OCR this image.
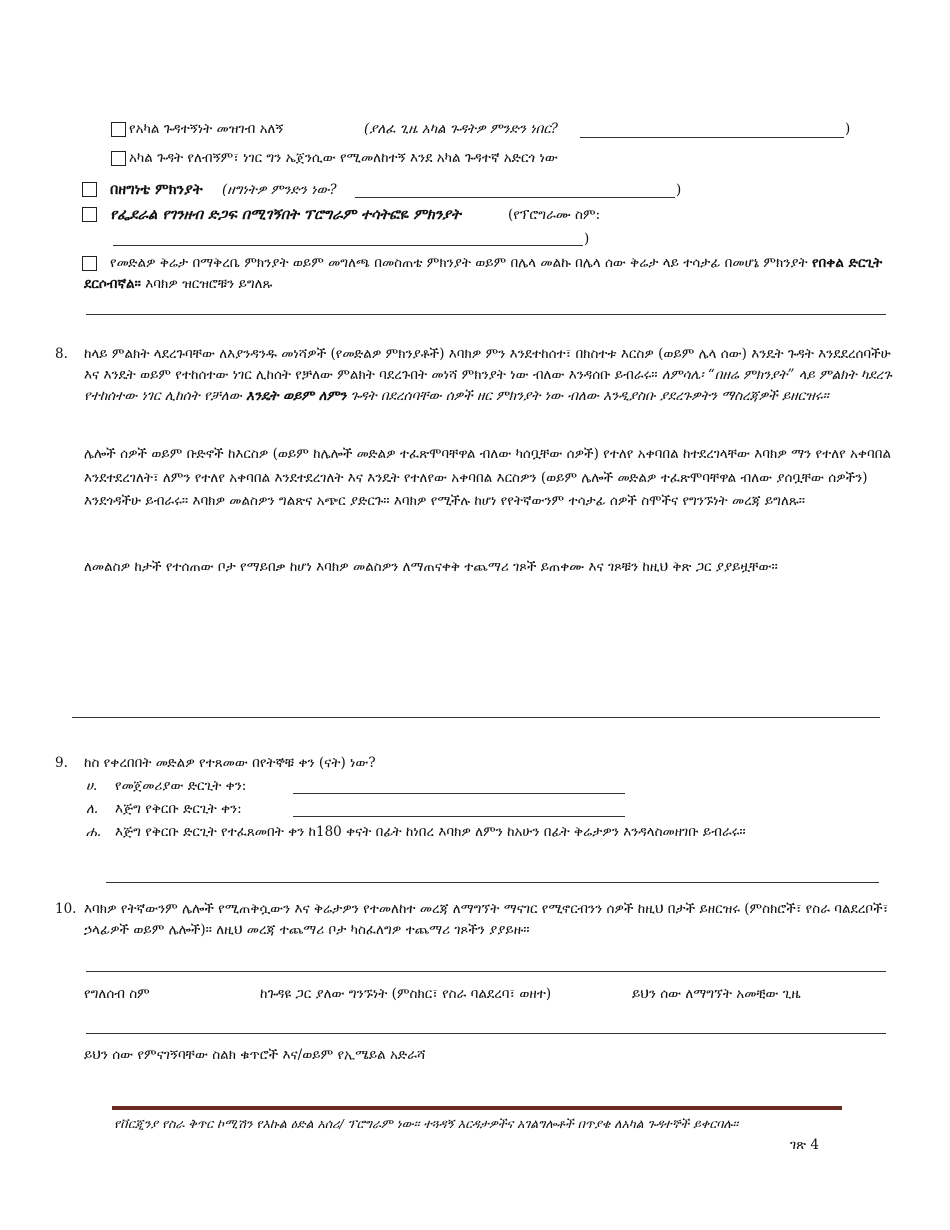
የአካል ጉዳተኝነት መዝገብ አለኝ	(ያለፈ ጊዜ አካል ጉዳትዎ ምንድን ነበር?	)
አካል ጉዳት የለብኝም፣ ነገር ግን ኤጀንሲው የሚመለከተኝ እንደ አካል ጉዳተኛ አድርጎ ነው
በዘግነቴ ምክንያት (ዘግነትዎ ምንድን ነው?	)
የፌደራል የገንዘብ ድጋፍ በሚገኝበት ፕሮግራም ተሳትፎዬ ምክንያት	(የፕሮግራሙ ስም:
)
የመድልዎ ቅሬታ በማቅረቤ ምክንያት ወይም መግለጫ በመስጠቴ ምክንያት ወይም በሌላ መልኩ በሌላ ሰው ቅሬታ ላይ ተሳታፊ በመሆኔ ምክንያት የበቀል ድርጊት ደርሶብኛል። እባክዎ ዝርዝሮቹን ይግለጹ
8. ከላይ ምልክት ላደረጉባቸው ለእያንዳንዱ መነሻዎች (የመድልዎ ምክንያቶች) እባክዎ ምን እንደተከሰተ፣ በክስተቱ እርስዎ (ወይም ሌላ ሰው) እንዴት ጉዳት እንደደረሰባችሁ እና እንዴት ወይም የተከሰተው ነገር ሊከሰት የቻለው ምልክት ባደረጉበት መነሻ ምክንያት ነው ብለው እንዳሰቡ ይብራሩ። ለምሳሌ፡ “በዘሬ ምክንያት” ላይ ምልክት ካደረጉ የተከሰተው ነገር ሊከሰት የቻለው እንዴት ወይም ለምን ጉዳት በደረሰባቸው ሰዎች ዘር ምክንያት ነው ብለው እንዲያስቡ ያደረጉዎትን ማስረጃዎች ይዘርዝሩ።
ሌሎች ሰዎች ወይም ቡድኖች ከእርስዎ (ወይም ከሌሎች መድልዎ ተፈጽሞባቸዋል ብለው ካሰቧቸው ሰዎች) የተለየ አቀባበል ከተደረገላቸው እባክዎ ማን የተለየ አቀባበል እንደተደረገለት፣ ለምን የተለየ አቀባበል እንደተደረገለት እና እንዴት የተለየው አቀባበል እርስዎን (ወይም ሌሎች መድልዎ ተፈጽሞባቸዋል ብለው ያሰቧቸው ሰዎችን) እንደጎዳችሁ ይብራሩ። እባክዎ መልስዎን ግልጽና አጭር ያድርጉ። እባክዎ የሚችሉ ከሆነ የየትኛውንም ተሳታፊ ሰዎች ስሞችና የግንኙነት መረጃ ይግለጹ።
ለመልስዎ ከታች የተሰጠው ቦታ የማይበቃ ከሆነ እባክዎ መልስዎን ለማጠናቀቅ ተጨማሪ ገጾች ይጠቀሙ እና ገጾቹን ከዚህ ቅጽ ጋር ያያይዟቸው።
9. ከስ የቀረበበት መድልዎ የተጸመው በየትኞቹ ቀን (ናት) ነው?
ሀ. የመጀመሪያው ድርጊት ቀን:
ለ. እጅግ የቅርቡ ድርጊት ቀን:
ሐ. እጅግ የቅርቡ ድርጊት የተፈጸመበት ቀን ከ180 ቀናት በፊት ከነበረ እባክዎ ለምን ከአሁን በፊት ቅሬታዎን እንዳላስመዘገቡ ይብራሩ።
10. እባክዎ የትኛውንም ሌሎች የሚጠቅሷውን እና ቅሬታዎን የተመለከተ መረጃ ለማግኘት ማናገር የሚኖርብንን ሰዎች ከዚህ በታች ይዘርዝሩ (ምስክሮች፣ የስራ ባልደረቦች፣ ኃላፊዎች ወይም ሌሎች)። ለዚህ መረጃ ተጨማሪ ቦታ ካስፈለግዎ ተጨማሪ ገጾችን ያያይዙ።
የግለሰብ ስም	ከጉዳዩ ጋር ያለው ግንኙነት (ምስክር፣ የስራ ባልደረባ፣ ወዘተ)	ይህን ሰው ለማግኘት አመቺው ጊዜ
ይህን ሰው የምናገኝባቸው ስልክ ቁጥሮች እና/ወይም የኢሜይል አድራሻ
የቨርጂንያ የስራ ቅጥር ኮሚሽን የእኩል ዕድል አሰሪ/ ፕሮግራም ነው። ተጓዳኝ እርዳታዎችና አገልግሎቶች በጥያቄ ለአካል ጉዳተኞች ይቀርባሉ።
ገጽ 4
